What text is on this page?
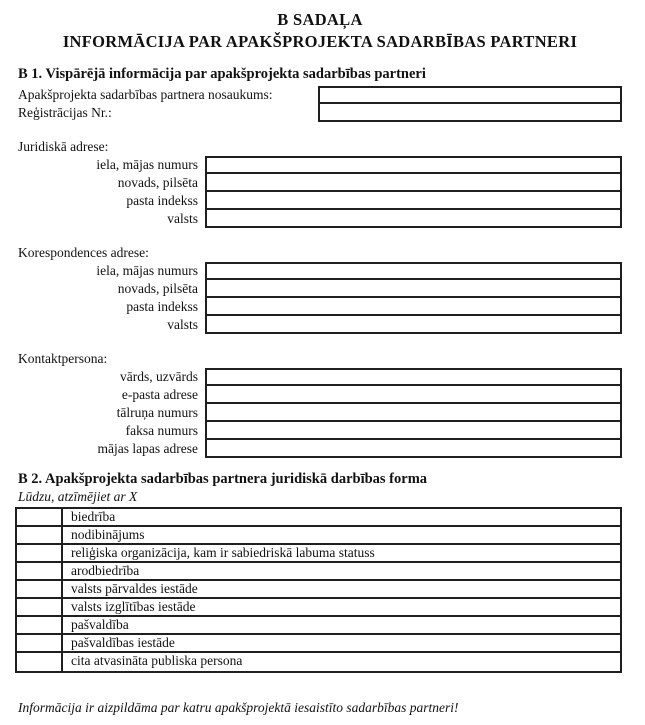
B SADAĻA
INFORMĀCIJA PAR APAKŠPROJEKTA SADARBĪBAS PARTNERI
B 1. Vispārējā informācija par apakšprojekta sadarbības partneri
Apakšprojekta sadarbības partnera nosaukums:
Reģistrācijas Nr.:
Juridiskā adrese:
iela, mājas numurs
novads, pilsēta
pasta indekss
valsts
Korespondences adrese:
iela, mājas numurs
novads, pilsēta
pasta indekss
valsts
Kontaktpersona:
vārds, uzvārds
e-pasta adrese
tālruņa numurs
faksa numurs
mājas lapas adrese
B 2. Apakšprojekta sadarbības partnera juridiskā darbības forma
Lūdzu, atzīmējiet ar X
biedrība
nodibinājums
reliģiska organizācija, kam ir sabiedriskā labuma statuss
arodbiedrība
valsts pārvaldes iestāde
valsts izglītības iestāde
pašvaldība
pašvaldības iestāde
cita atvasināta publiska persona
Informācija ir aizpildāma par katru apakšprojektā iesaistīto sadarbības partneri!
